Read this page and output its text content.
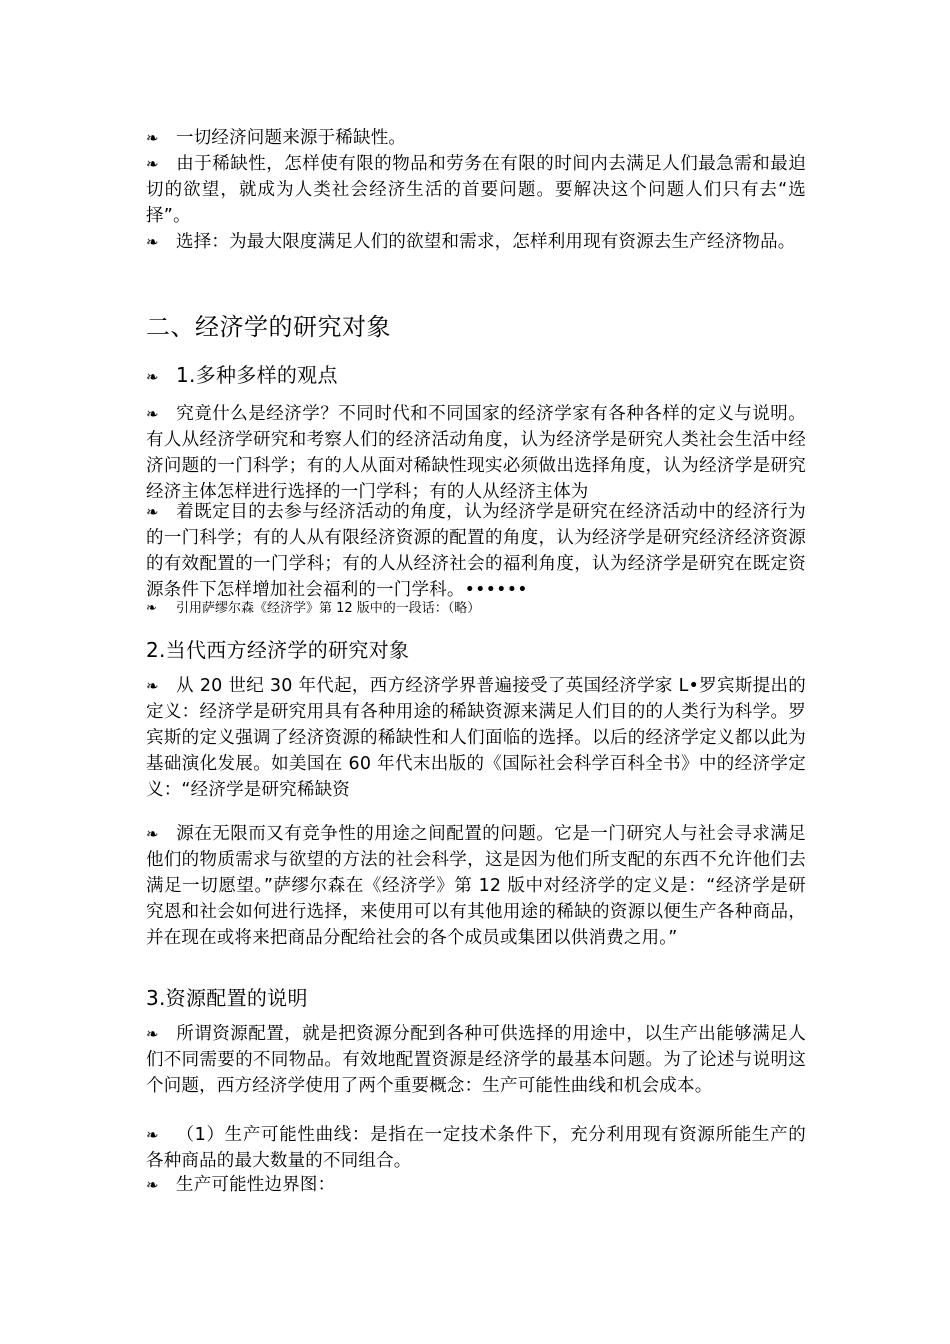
❧ 一切经济问题来源于稀缺性。
❧ 由于稀缺性，怎样使有限的物品和劳务在有限的时间内去满足人们最急需和最迫切的欲望，就成为人类社会经济生活的首要问题。要解决这个问题人们只有去“选择”。
❧ 选择：为最大限度满足人们的欲望和需求，怎样利用现有资源去生产经济物品。
二、经济学的研究对象
❧ 1.多种多样的观点
❧ 究竟什么是经济学？不同时代和不同国家的经济学家有各种各样的定义与说明。有人从经济学研究和考察人们的经济活动角度，认为经济学是研究人类社会生活中经济问题的一门科学；有的人从面对稀缺性现实必须做出选择角度，认为经济学是研究经济主体怎样进行选择的一门学科；有的人从经济主体为
❧ 着既定目的去参与经济活动的角度，认为经济学是研究在经济活动中的经济行为的一门科学；有的人从有限经济资源的配置的角度，认为经济学是研究经济经济资源的有效配置的一门学科；有的人从经济社会的福利角度，认为经济学是研究在既定资源条件下怎样增加社会福利的一门学科。••••••
❧ 引用萨缪尔森《经济学》第 12 版中的一段话：（略）
2.当代西方经济学的研究对象
❧ 从 20 世纪 30 年代起，西方经济学界普遍接受了英国经济学家 L•罗宾斯提出的定义：经济学是研究用具有各种用途的稀缺资源来满足人们目的的人类行为科学。罗宾斯的定义强调了经济资源的稀缺性和人们面临的选择。以后的经济学定义都以此为基础演化发展。如美国在 60 年代末出版的《国际社会科学百科全书》中的经济学定义：“经济学是研究稀缺资
❧ 源在无限而又有竞争性的用途之间配置的问题。它是一门研究人与社会寻求满足他们的物质需求与欲望的方法的社会科学，这是因为他们所支配的东西不允许他们去满足一切愿望。”萨缪尔森在《经济学》第 12 版中对经济学的定义是：“经济学是研究恩和社会如何进行选择，来使用可以有其他用途的稀缺的资源以便生产各种商品，并在现在或将来把商品分配给社会的各个成员或集团以供消费之用。”
3.资源配置的说明
❧ 所谓资源配置，就是把资源分配到各种可供选择的用途中，以生产出能够满足人们不同需要的不同物品。有效地配置资源是经济学的最基本问题。为了论述与说明这个问题，西方经济学使用了两个重要概念：生产可能性曲线和机会成本。
❧ （1）生产可能性曲线：是指在一定技术条件下，充分利用现有资源所能生产的各种商品的最大数量的不同组合。
❧ 生产可能性边界图：
